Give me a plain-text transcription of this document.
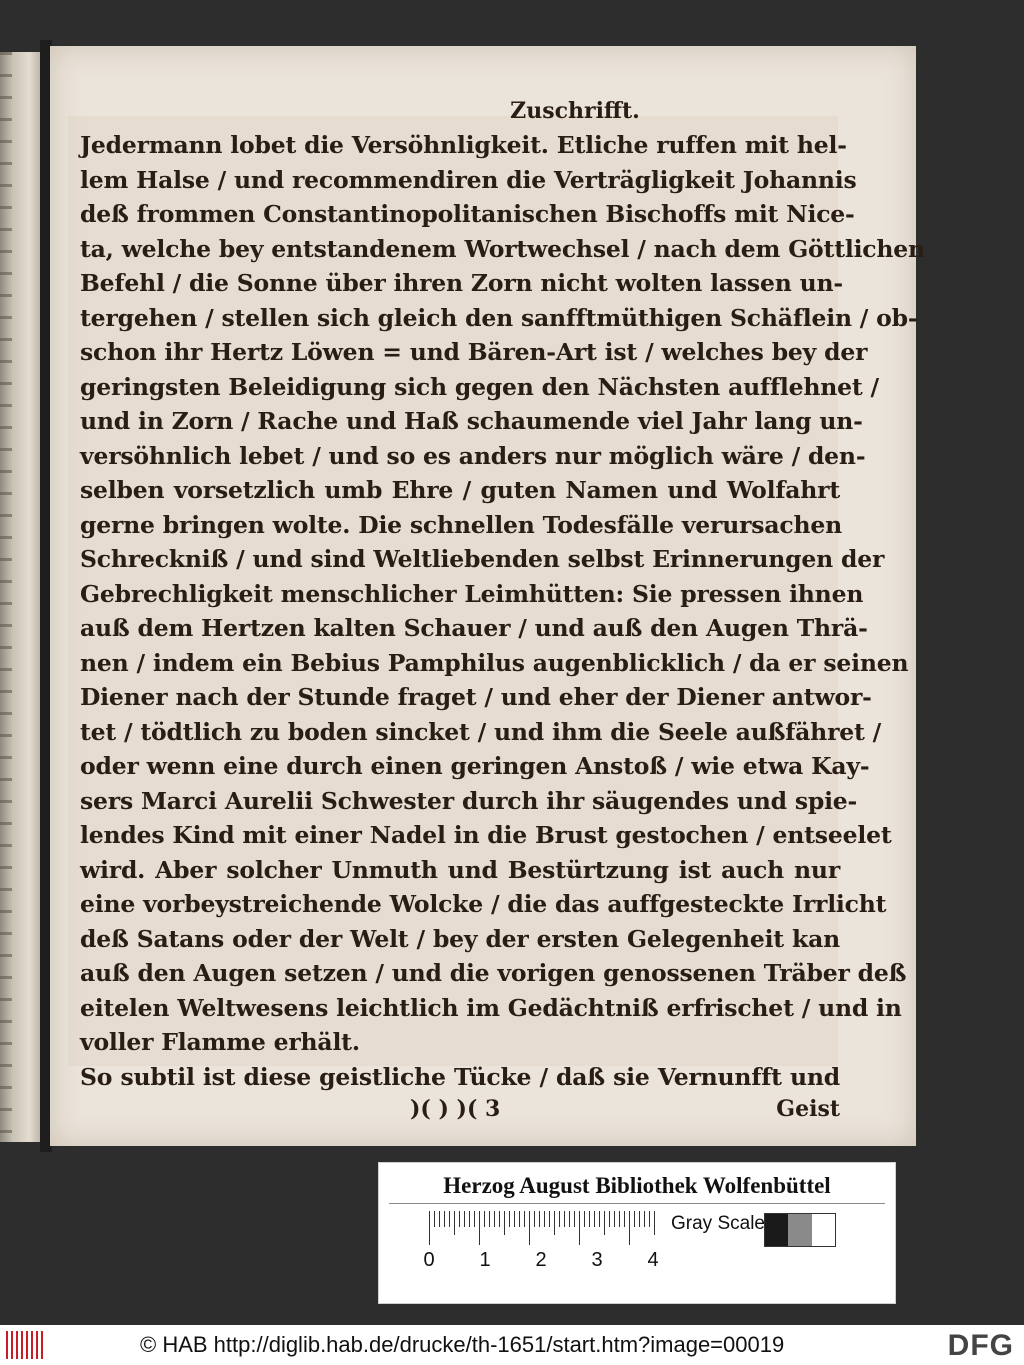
Zuschrifft.
Jedermann lobet die Versöhnligkeit. Etliche ruffen mit hel-
lem Halse / und recommendiren die Verträgligkeit Johannis
deß frommen Constantinopolitanischen Bischoffs mit Nice-
ta, welche bey entstandenem Wortwechsel / nach dem Göttlichen
Befehl / die Sonne über ihren Zorn nicht wolten lassen un-
tergehen / stellen sich gleich den sanfftmüthigen Schäflein / ob-
schon ihr Hertz Löwen = und Bären-Art ist / welches bey der
geringsten Beleidigung sich gegen den Nächsten aufflehnet /
und in Zorn / Rache und Haß schaumende viel Jahr lang un-
versöhnlich lebet / und so es anders nur möglich wäre / den-
selben vorsetzlich umb Ehre / guten Namen und Wolfahrt
gerne bringen wolte. Die schnellen Todesfälle verursachen
Schreckniß / und sind Weltliebenden selbst Erinnerungen der
Gebrechligkeit menschlicher Leimhütten: Sie pressen ihnen
auß dem Hertzen kalten Schauer / und auß den Augen Thrä-
nen / indem ein Bebius Pamphilus augenblicklich / da er seinen
Diener nach der Stunde fraget / und eher der Diener antwor-
tet / tödtlich zu boden sincket / und ihm die Seele außfähret /
oder wenn eine durch einen geringen Anstoß / wie etwa Kay-
sers Marci Aurelii Schwester durch ihr säugendes und spie-
lendes Kind mit einer Nadel in die Brust gestochen / entseelet
wird. Aber solcher Unmuth und Bestürtzung ist auch nur
eine vorbeystreichende Wolcke / die das auffgesteckte Irrlicht
deß Satans oder der Welt / bey der ersten Gelegenheit kan
auß den Augen setzen / und die vorigen genossenen Träber deß
eitelen Weltwesens leichtlich im Gedächtniß erfrischet / und in
voller Flamme erhält.
So subtil ist diese geistliche Tücke / daß sie Vernunfft und
)( ) )( 3	Geist
Herzog August Bibliothek Wolfenbüttel
0 1 2 3 4
Gray Scale
© HAB http://diglib.hab.de/drucke/th-1651/start.htm?image=00019	DFG
